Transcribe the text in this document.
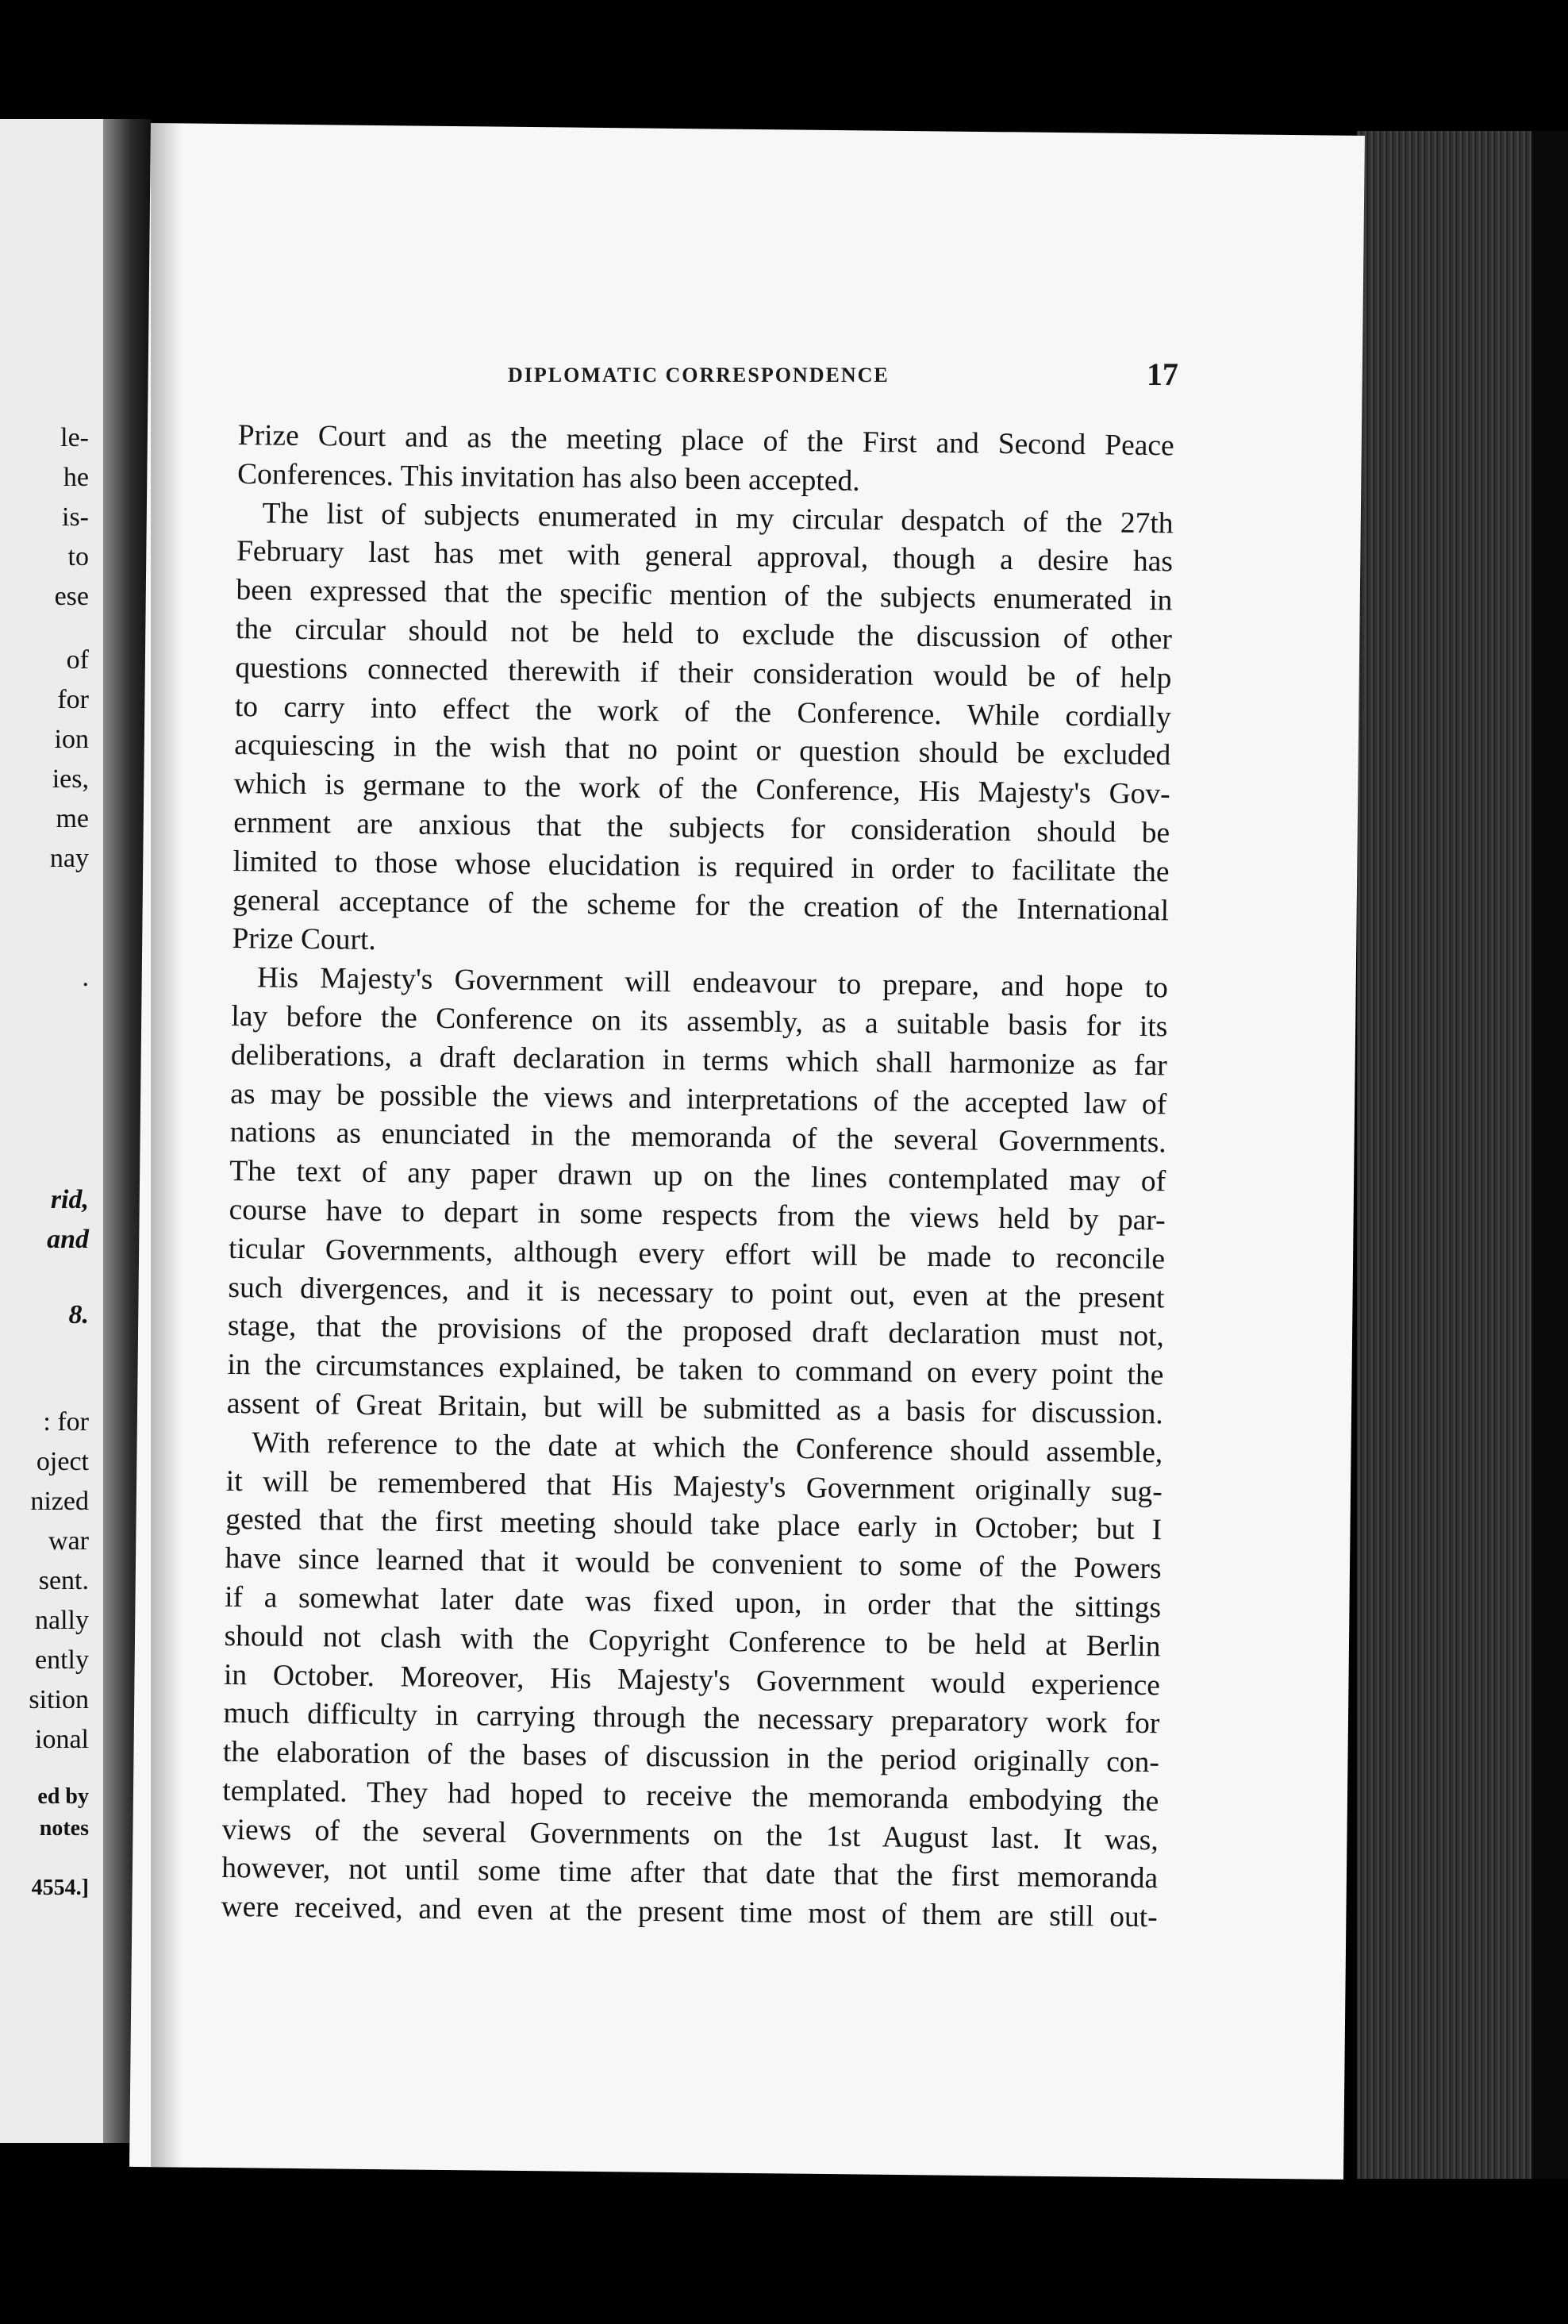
le-
he
is-
to
ese
of
for
ion
ies,
me
nay
.
rid,
and
8.
: for
oject
nized
war
sent.
nally
ently
sition
ional
ed by
notes
4554.]
DIPLOMATIC CORRESPONDENCE	17
Prize Court and as the meeting place of the First and Second Peace
Conferences. This invitation has also been accepted.
The list of subjects enumerated in my circular despatch of the 27th
February last has met with general approval, though a desire has
been expressed that the specific mention of the subjects enumerated in
the circular should not be held to exclude the discussion of other
questions connected therewith if their consideration would be of help
to carry into effect the work of the Conference. While cordially
acquiescing in the wish that no point or question should be excluded
which is germane to the work of the Conference, His Majesty's Gov-
ernment are anxious that the subjects for consideration should be
limited to those whose elucidation is required in order to facilitate the
general acceptance of the scheme for the creation of the International
Prize Court.
His Majesty's Government will endeavour to prepare, and hope to
lay before the Conference on its assembly, as a suitable basis for its
deliberations, a draft declaration in terms which shall harmonize as far
as may be possible the views and interpretations of the accepted law of
nations as enunciated in the memoranda of the several Governments.
The text of any paper drawn up on the lines contemplated may of
course have to depart in some respects from the views held by par-
ticular Governments, although every effort will be made to reconcile
such divergences, and it is necessary to point out, even at the present
stage, that the provisions of the proposed draft declaration must not,
in the circumstances explained, be taken to command on every point the
assent of Great Britain, but will be submitted as a basis for discussion.
With reference to the date at which the Conference should assemble,
it will be remembered that His Majesty's Government originally sug-
gested that the first meeting should take place early in October; but I
have since learned that it would be convenient to some of the Powers
if a somewhat later date was fixed upon, in order that the sittings
should not clash with the Copyright Conference to be held at Berlin
in October. Moreover, His Majesty's Government would experience
much difficulty in carrying through the necessary preparatory work for
the elaboration of the bases of discussion in the period originally con-
templated. They had hoped to receive the memoranda embodying the
views of the several Governments on the 1st August last. It was,
however, not until some time after that date that the first memoranda
were received, and even at the present time most of them are still out-
